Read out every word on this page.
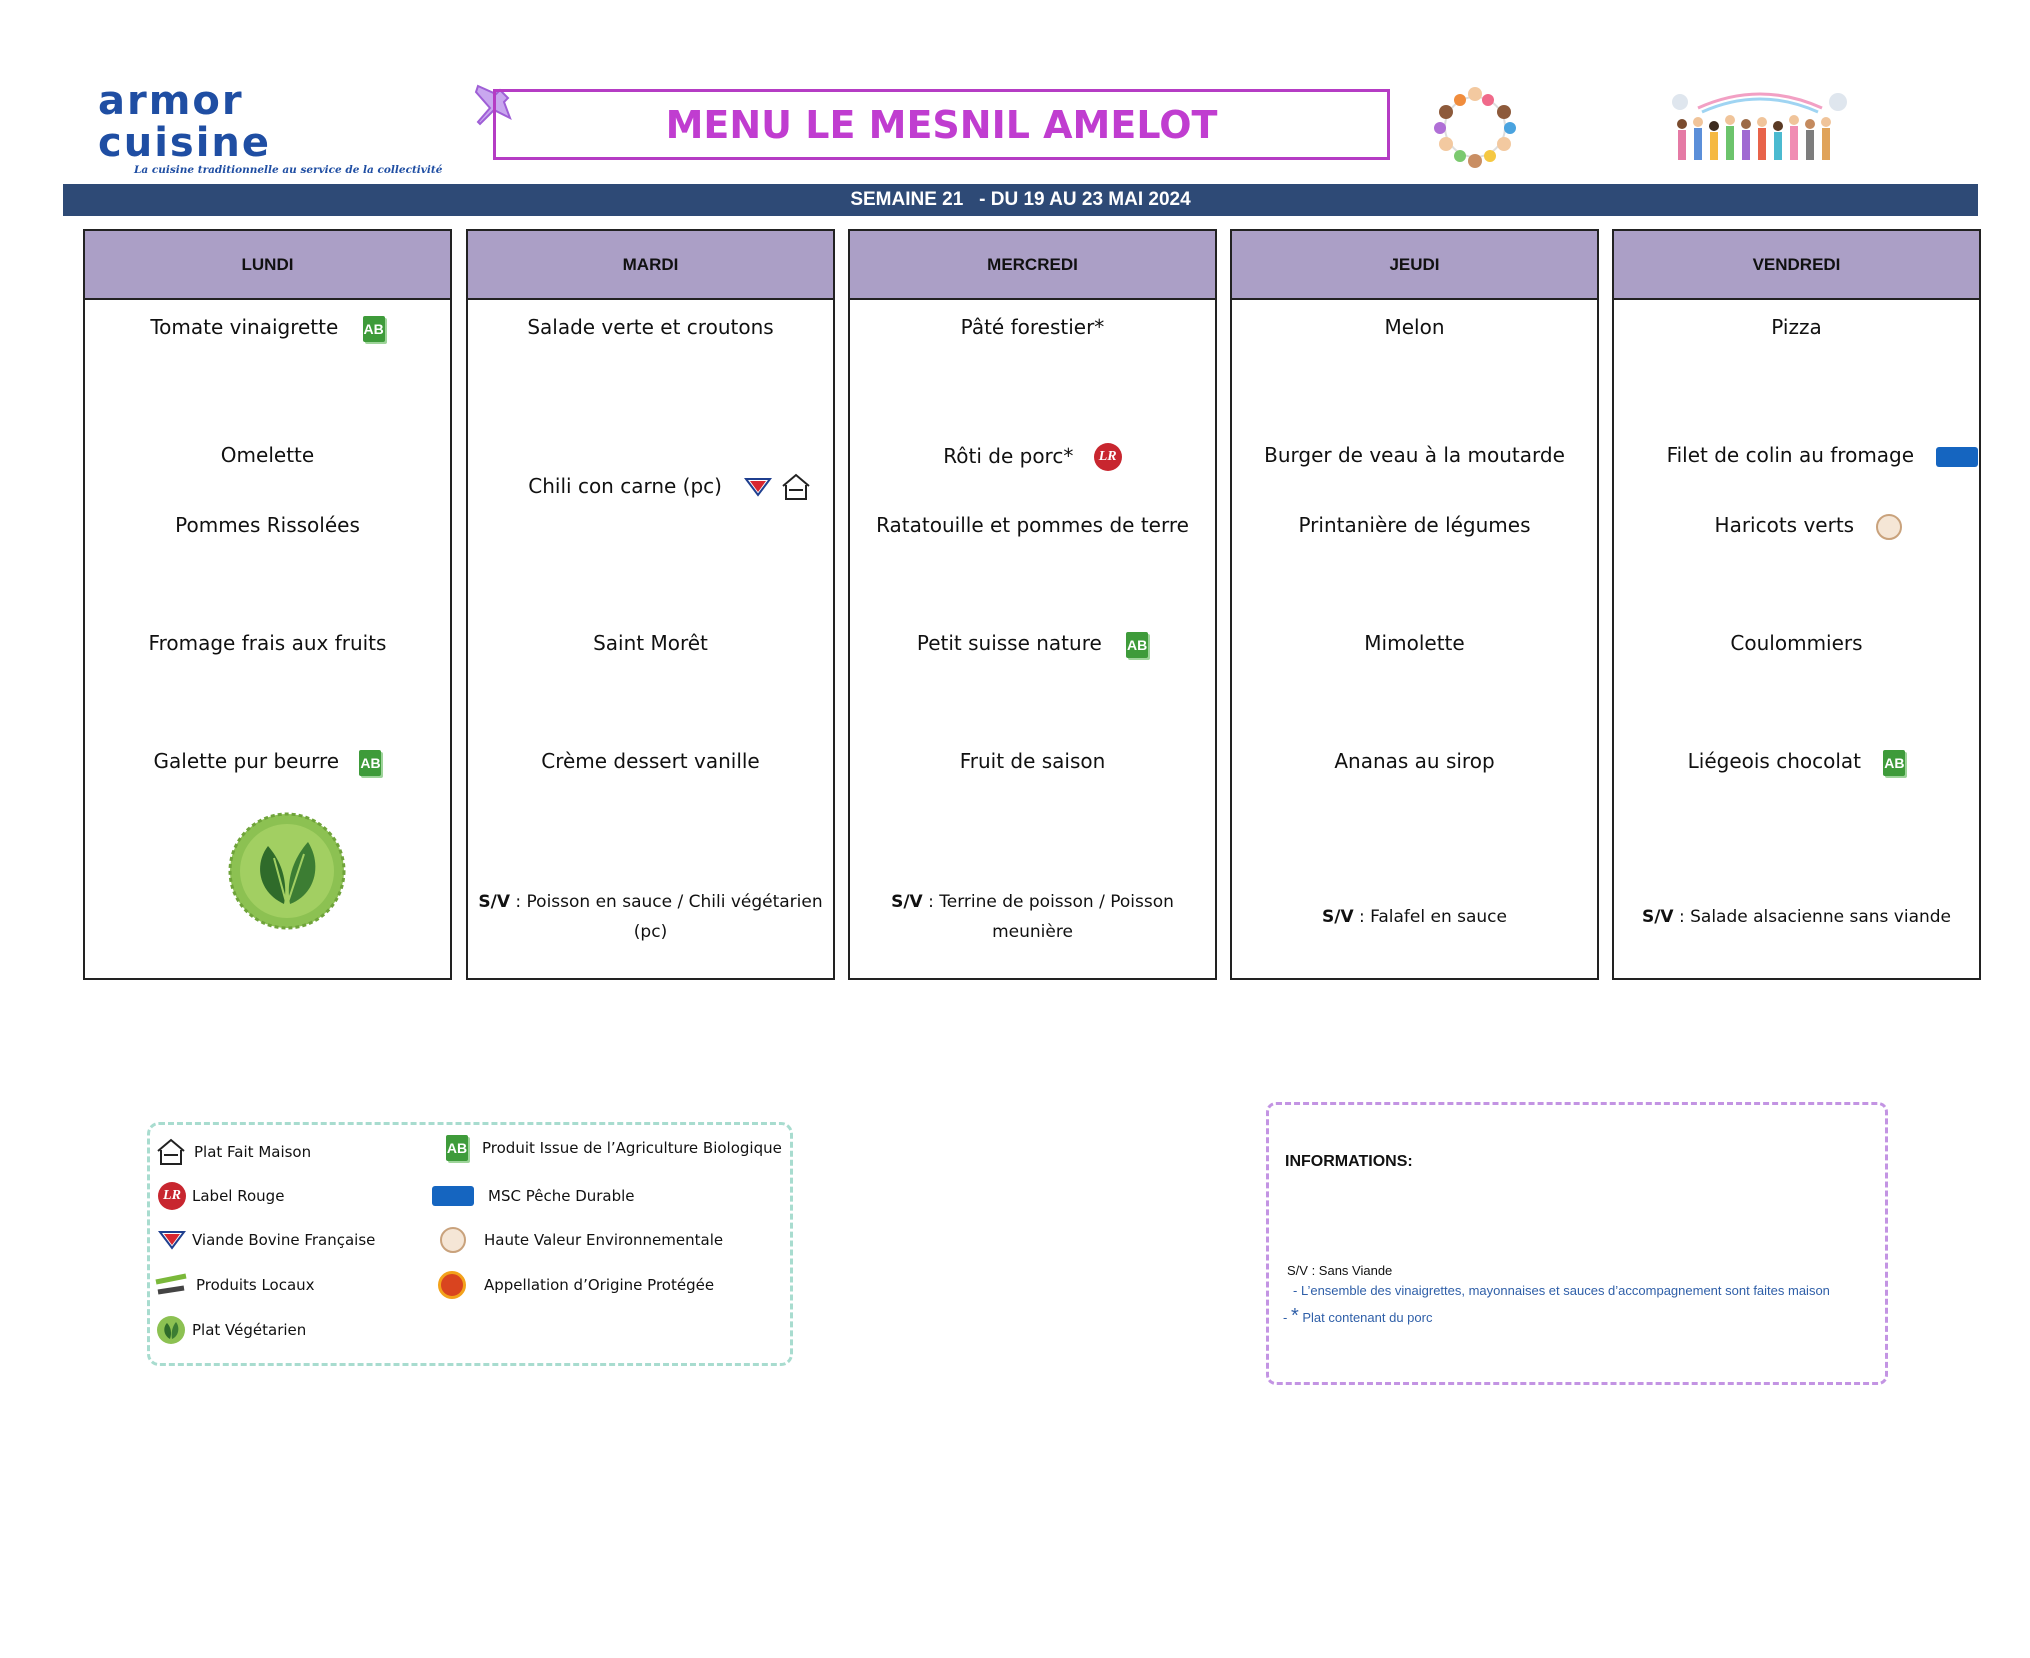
armor cuisine
La cuisine traditionnelle au service de la collectivité
MENU LE MESNIL AMELOT
SEMAINE 21   - DU 19 AU 23 MAI 2024
LUNDI
Tomate vinaigrette AB
Omelette
Pommes Rissolées
Fromage frais aux fruits
Galette pur beurre AB
MARDI
Salade verte et croutons
Chili con carne (pc)
Saint Morêt
Crème dessert vanille
S/V : Poisson en sauce / Chili végétarien (pc)
MERCREDI
Pâté forestier*
Rôti de porc* LR
Ratatouille et pommes de terre
Petit suisse nature AB
Fruit de saison
S/V : Terrine de poisson / Poisson meunière
JEUDI
Melon
Burger de veau à la moutarde
Printanière de légumes
Mimolette
Ananas au sirop
S/V : Falafel en sauce
VENDREDI
Pizza
Filet de colin au fromage
Haricots verts
Coulommiers
Liégeois chocolat AB
S/V : Salade alsacienne sans viande
Plat Fait Maison
LR Label Rouge
Viande Bovine Française
Produits Locaux
Plat Végétarien
AB Produit Issue de l’Agriculture Biologique
MSC Pêche Durable
Haute Valeur Environnementale
Appellation d’Origine Protégée
INFORMATIONS:
S/V : Sans Viande
- L’ensemble des vinaigrettes, mayonnaises et sauces d’accompagnement sont faites maison
- * Plat contenant du porc
